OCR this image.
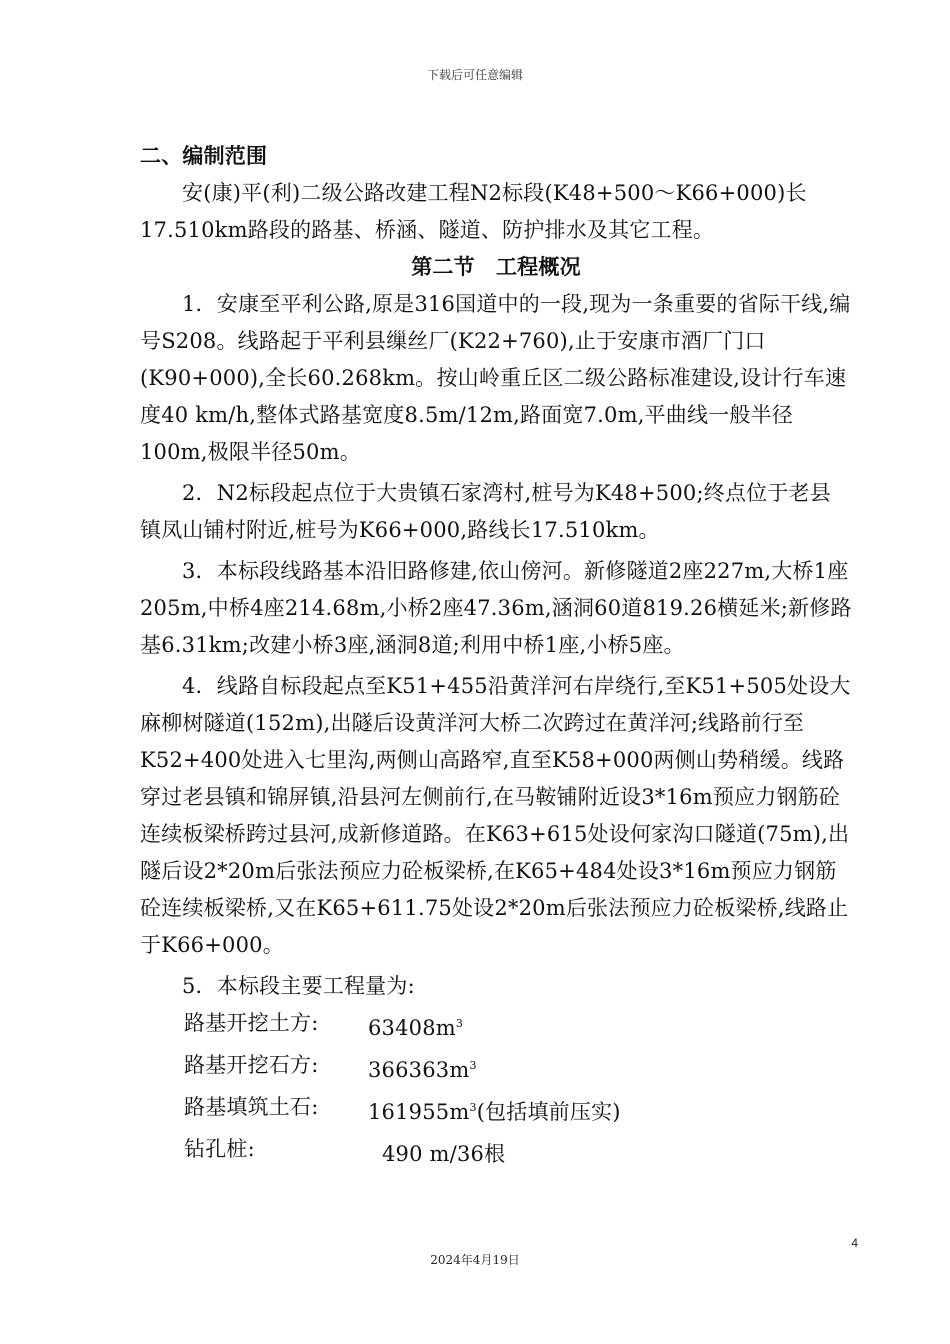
下载后可任意编辑

二、编制范围

安(康)平(利)二级公路改建工程N2标段(K48+500～K66+000)长17.510km路段的路基、桥涵、隧道、防护排水及其它工程。

第二节　工程概况

1．安康至平利公路,原是316国道中的一段,现为一条重要的省际干线,编号S208。线路起于平利县缫丝厂(K22+760),止于安康市酒厂门口(K90+000),全长60.268km。按山岭重丘区二级公路标准建设,设计行车速度40 km/h,整体式路基宽度8.5m/12m,路面宽7.0m,平曲线一般半径100m,极限半径50m。

2．N2标段起点位于大贵镇石家湾村,桩号为K48+500;终点位于老县镇凤山铺村附近,桩号为K66+000,路线长17.510km。

3．本标段线路基本沿旧路修建,依山傍河。新修隧道2座227m,大桥1座205m,中桥4座214.68m,小桥2座47.36m,涵洞60道819.26横延米;新修路基6.31km;改建小桥3座,涵洞8道;利用中桥1座,小桥5座。

4．线路自标段起点至K51+455沿黄洋河右岸绕行,至K51+505处设大麻柳树隧道(152m),出隧后设黄洋河大桥二次跨过在黄洋河;线路前行至K52+400处进入七里沟,两侧山高路窄,直至K58+000两侧山势稍缓。线路穿过老县镇和锦屏镇,沿县河左侧前行,在马鞍铺附近设3*16m预应力钢筋砼连续板梁桥跨过县河,成新修道路。在K63+615处设何家沟口隧道(75m),出隧后设2*20m后张法预应力砼板梁桥,在K65+484处设3*16m预应力钢筋砼连续板梁桥,又在K65+611.75处设2*20m后张法预应力砼板梁桥,线路止于K66+000。

5．本标段主要工程量为:

路基开挖土方:	$63408m^3$
路基开挖石方:	$366363m^3$
路基填筑土石:	$161955m^3$(包括填前压实)
钻孔桩:	490 m/36根
4
2024年4月19日
